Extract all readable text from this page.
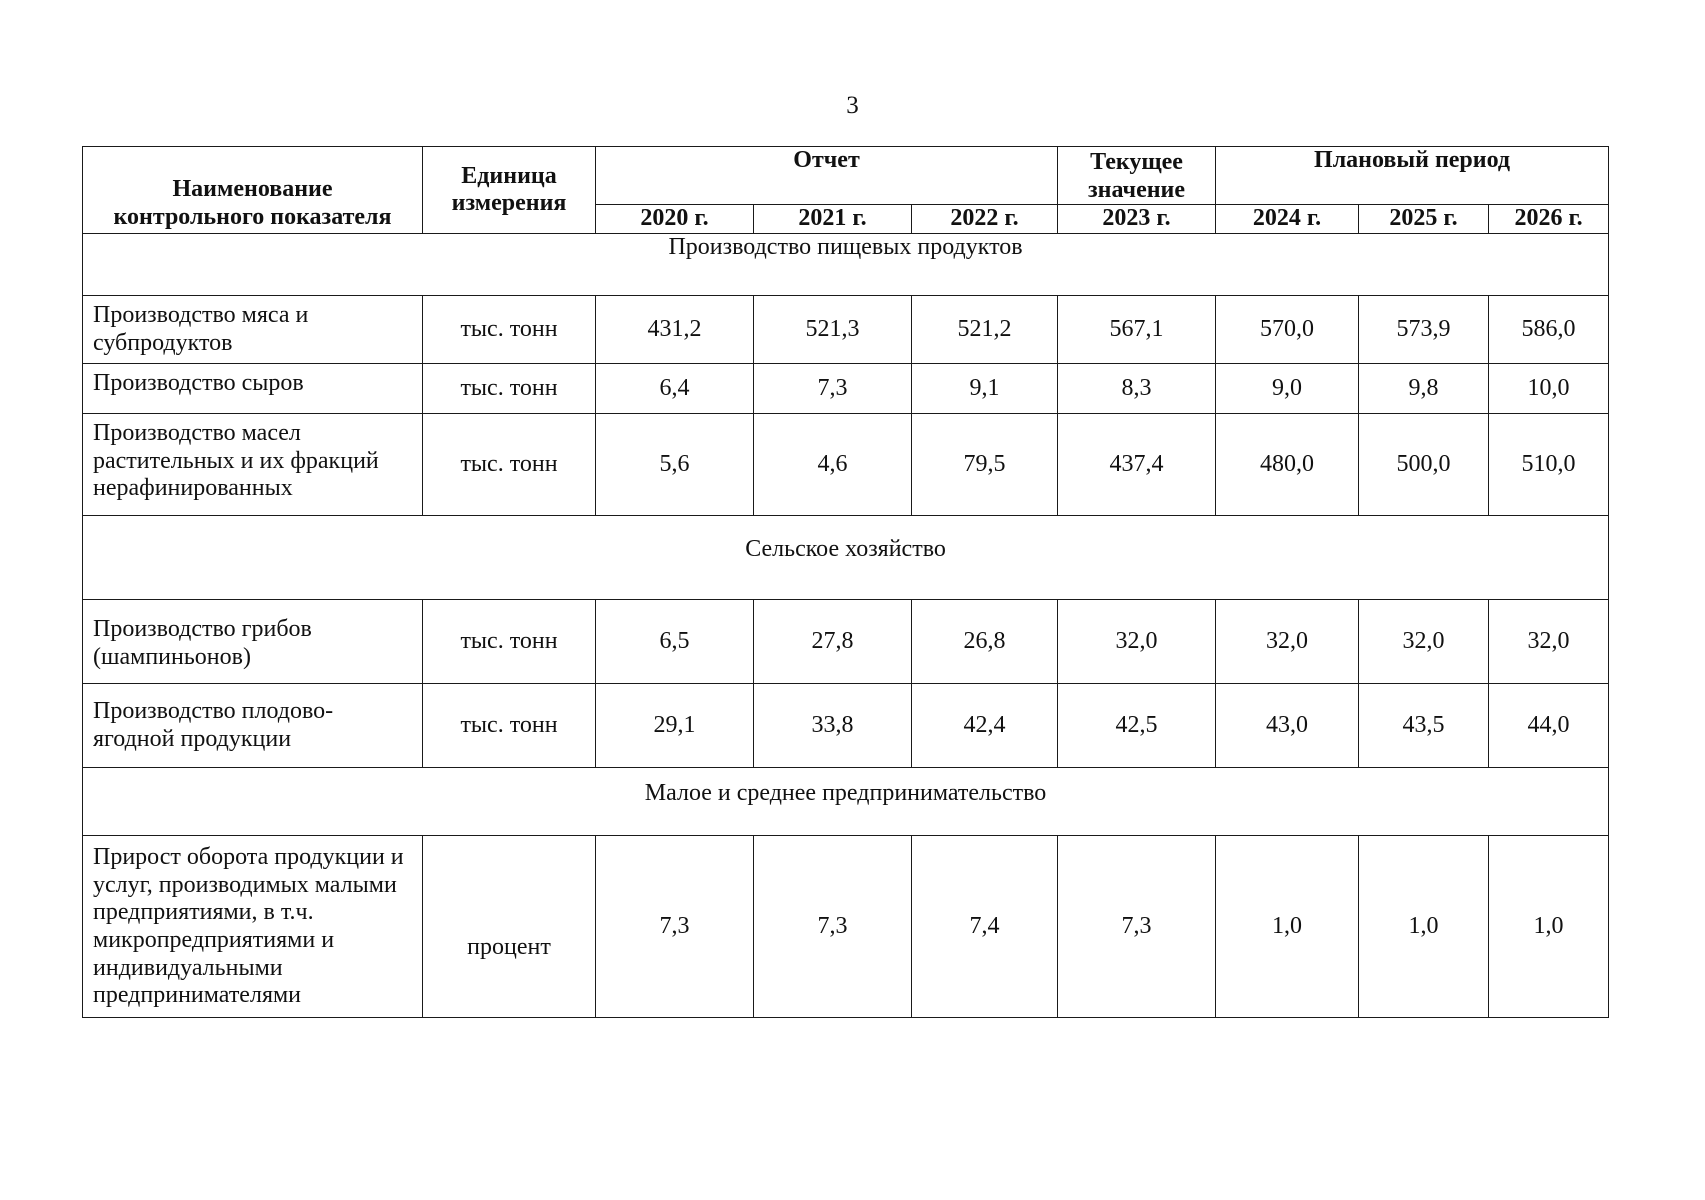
3
Наименование контрольного показателя	Единица измерения	Отчет			Текущее значение	Плановый период		
		2020 г.	2021 г.	2022 г.	2023 г.	2024 г.	2025 г.	2026 г.
Производство пищевых продуктов								
Производство мяса и субпродуктов	тыс. тонн	431,2	521,3	521,2	567,1	570,0	573,9	586,0
Производство сыров	тыс. тонн	6,4	7,3	9,1	8,3	9,0	9,8	10,0
Производство масел растительных и их фракций нерафинированных	тыс. тонн	5,6	4,6	79,5	437,4	480,0	500,0	510,0
Сельское хозяйство								
Производство грибов (шампиньонов)	тыс. тонн	6,5	27,8	26,8	32,0	32,0	32,0	32,0
Производство плодово-ягодной продукции	тыс. тонн	29,1	33,8	42,4	42,5	43,0	43,5	44,0
Малое и среднее предпринимательство								
Прирост оборота продукции и услуг, производимых малыми предприятиями, в т.ч. микропредприятиями и индивидуальными предпринимателями	процент	7,3	7,3	7,4	7,3	1,0	1,0	1,0
